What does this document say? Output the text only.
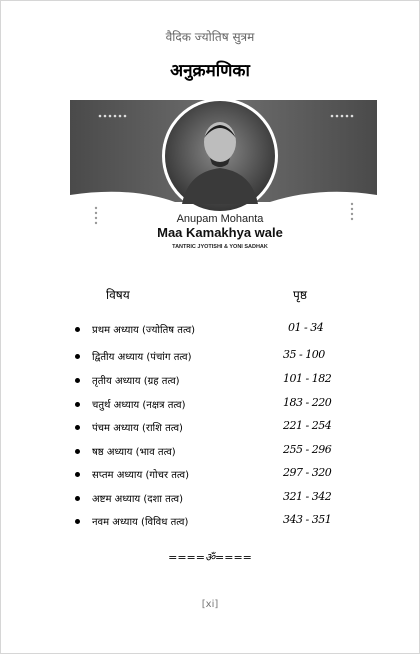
वैदिक ज्योतिष सुत्रम
अनुक्रमणिका
Anupam Mohanta
Maa Kamakhya wale
TANTRIC JYOTISHI & YONI SADHAK
विषय	पृष्ठ
प्रथम अध्याय (ज्योतिष तत्व)	01 - 34
द्वितीय अध्याय (पंचांग तत्व)	35 - 100
तृतीय अध्याय (ग्रह तत्व)	101 - 182
चतुर्थ अध्याय (नक्षत्र तत्व)	183 - 220
पंचम अध्याय (राशि तत्व)	221 - 254
षष्ठ अध्याय (भाव तत्व)	255 - 296
सप्तम अध्याय (गोचर तत्व)	297 - 320
अष्टम अध्याय (दशा तत्व)	321 - 342
नवम अध्याय (विविध तत्व)	343 - 351
====ॐ====
[xi]
